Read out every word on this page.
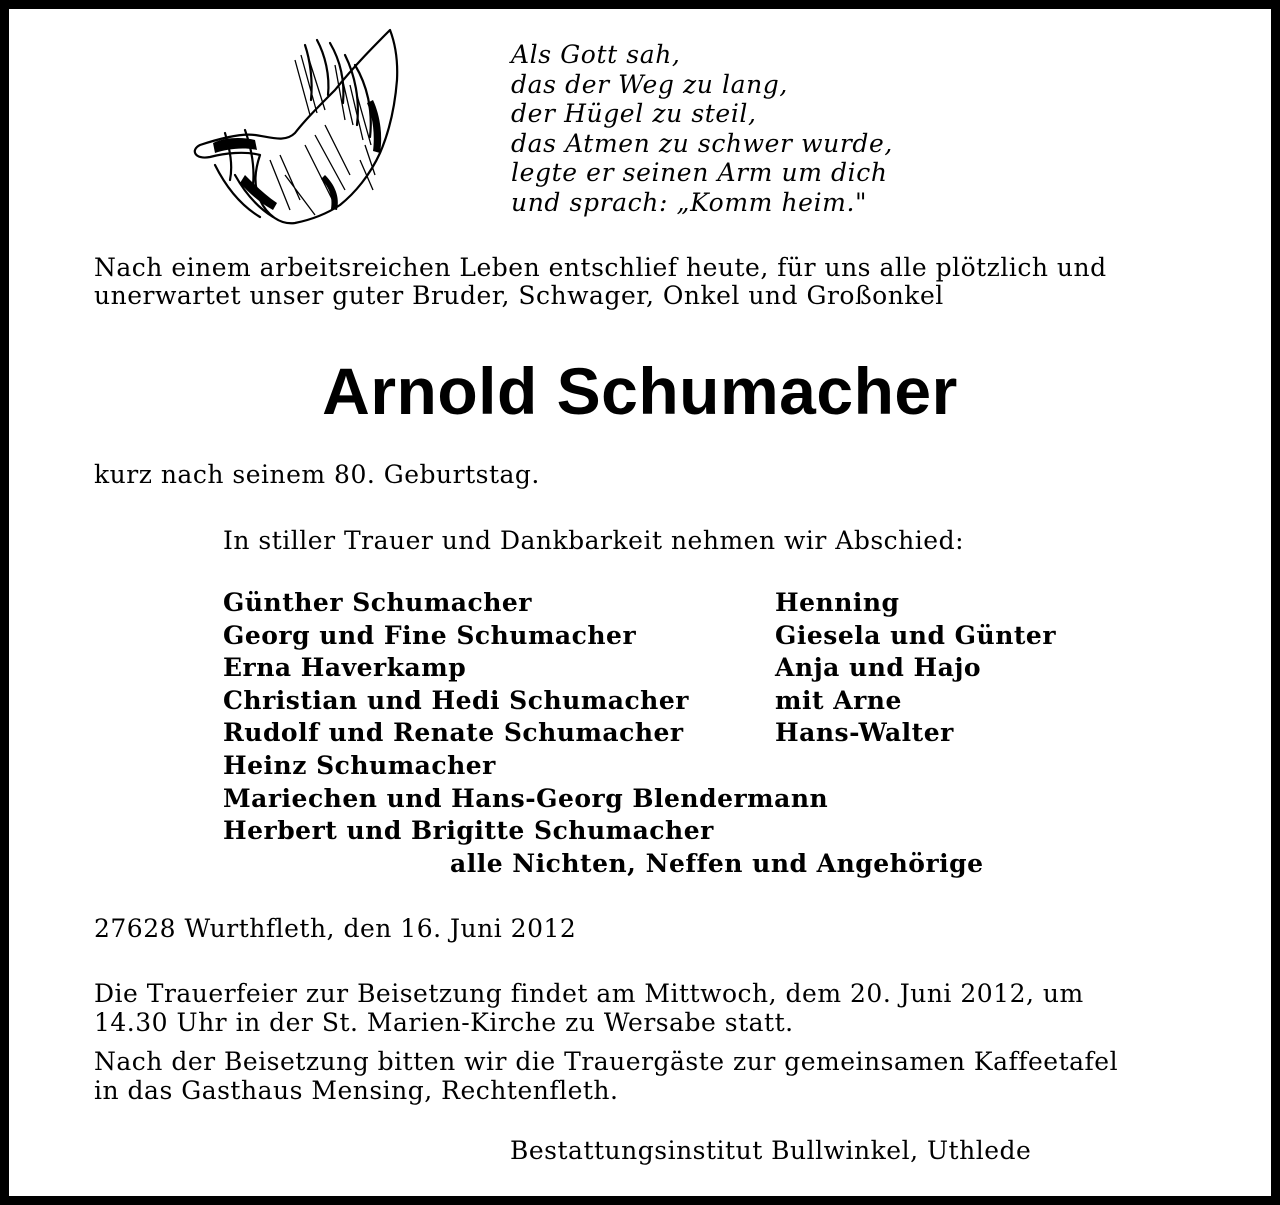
Als Gott sah,
das der Weg zu lang,
der Hügel zu steil,
das Atmen zu schwer wurde,
legte er seinen Arm um dich
und sprach: „Komm heim."
Nach einem arbeitsreichen Leben entschlief heute, für uns alle plötzlich und
unerwartet unser guter Bruder, Schwager, Onkel und Großonkel
Arnold Schumacher
kurz nach seinem 80. Geburtstag.
In stiller Trauer und Dankbarkeit nehmen wir Abschied:
Günther Schumacher
Georg und Fine Schumacher
Erna Haverkamp
Christian und Hedi Schumacher
Rudolf und Renate Schumacher
Heinz Schumacher
Mariechen und Hans-Georg Blendermann
Herbert und Brigitte Schumacher
Henning
Giesela und Günter
Anja und Hajo
mit Arne
Hans-Walter
alle Nichten, Neffen und Angehörige
27628 Wurthfleth, den 16. Juni 2012
Die Trauerfeier zur Beisetzung findet am Mittwoch, dem 20. Juni 2012, um
14.30 Uhr in der St. Marien-Kirche zu Wersabe statt.
Nach der Beisetzung bitten wir die Trauergäste zur gemeinsamen Kaffeetafel
in das Gasthaus Mensing, Rechtenfleth.
Bestattungsinstitut Bullwinkel, Uthlede
